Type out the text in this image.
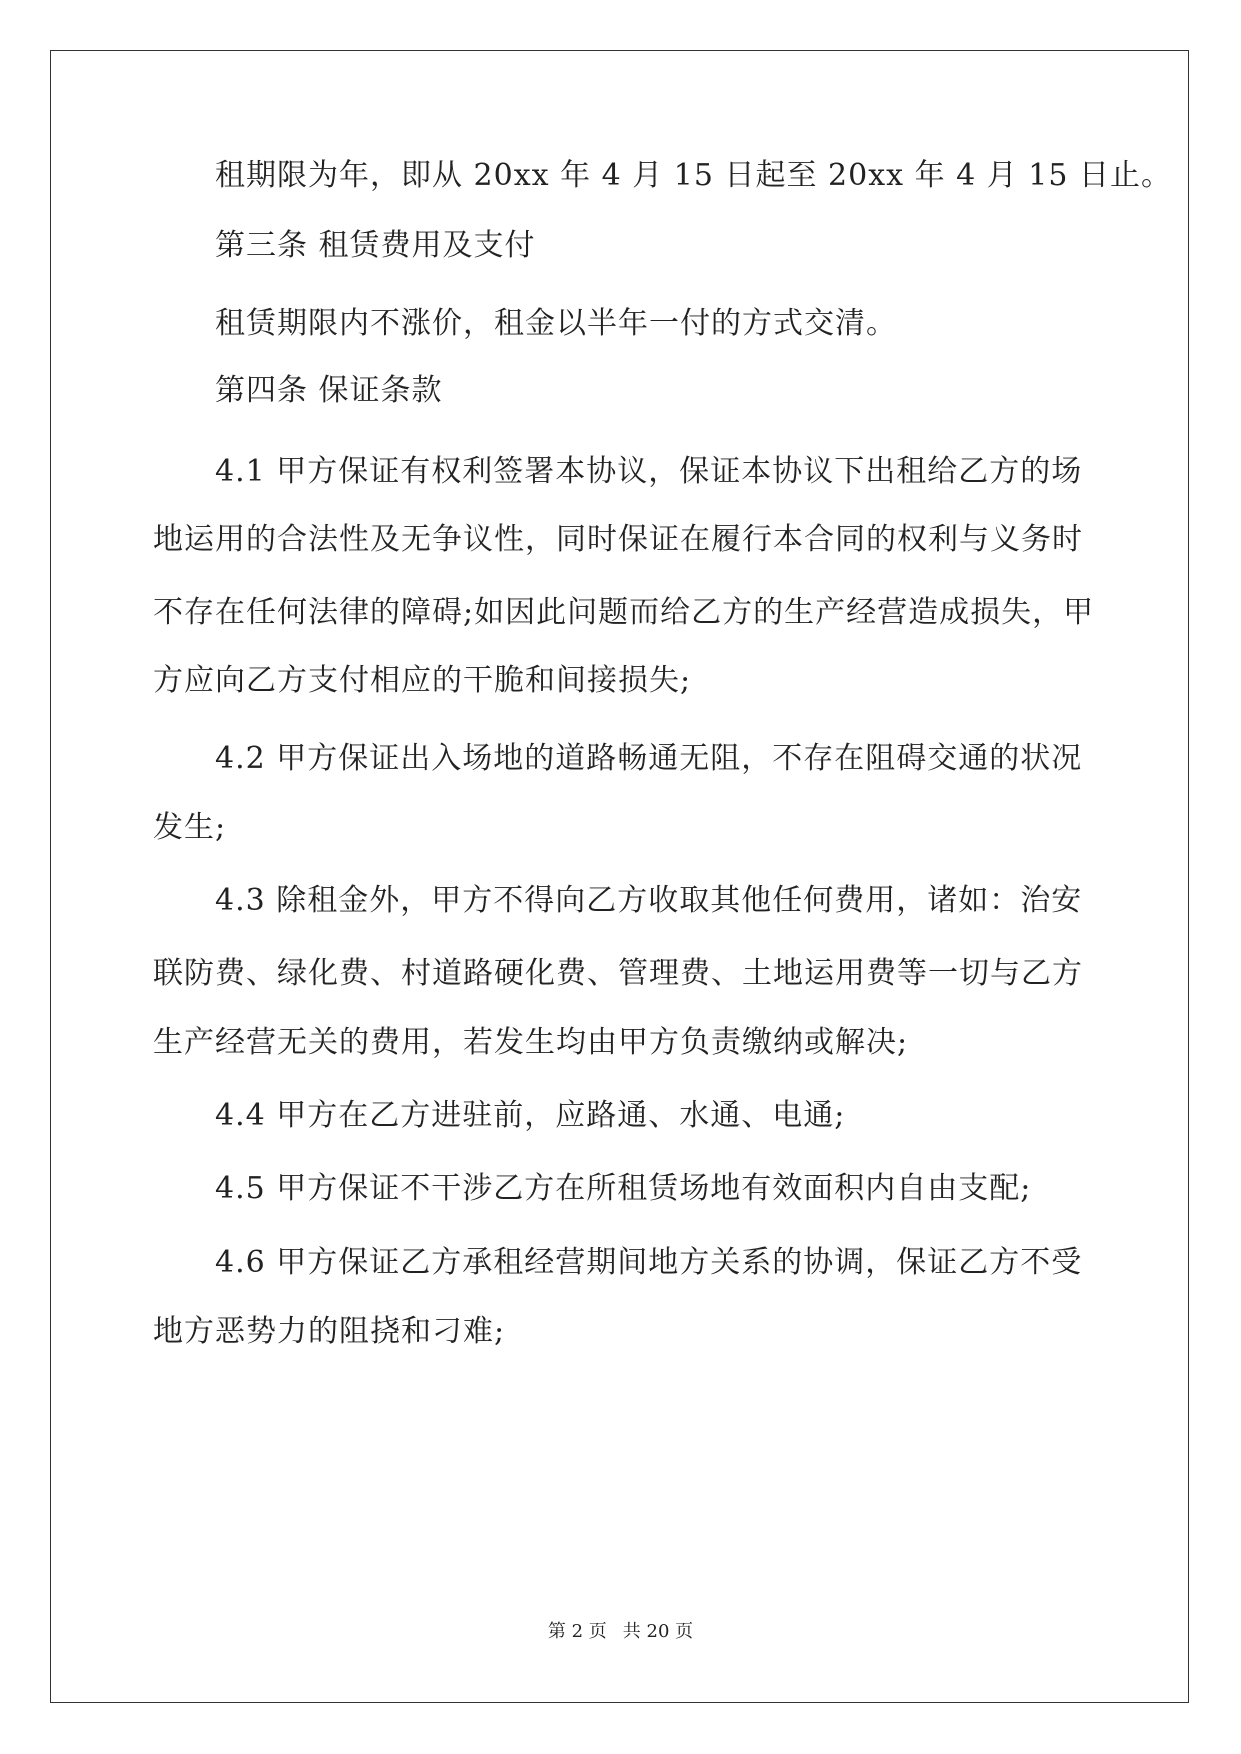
租期限为年，即从 20xx 年 4 月 15 日起至 20xx 年 4 月 15 日止。
第三条 租赁费用及支付
租赁期限内不涨价，租金以半年一付的方式交清。
第四条 保证条款
4.1 甲方保证有权利签署本协议，保证本协议下出租给乙方的场
地运用的合法性及无争议性，同时保证在履行本合同的权利与义务时
不存在任何法律的障碍;如因此问题而给乙方的生产经营造成损失，甲
方应向乙方支付相应的干脆和间接损失;
4.2 甲方保证出入场地的道路畅通无阻，不存在阻碍交通的状况
发生;
4.3 除租金外，甲方不得向乙方收取其他任何费用，诸如：治安
联防费、绿化费、村道路硬化费、管理费、土地运用费等一切与乙方
生产经营无关的费用，若发生均由甲方负责缴纳或解决;
4.4 甲方在乙方进驻前，应路通、水通、电通;
4.5 甲方保证不干涉乙方在所租赁场地有效面积内自由支配;
4.6 甲方保证乙方承租经营期间地方关系的协调，保证乙方不受
地方恶势力的阻挠和刁难;
第 2 页 共 20 页
